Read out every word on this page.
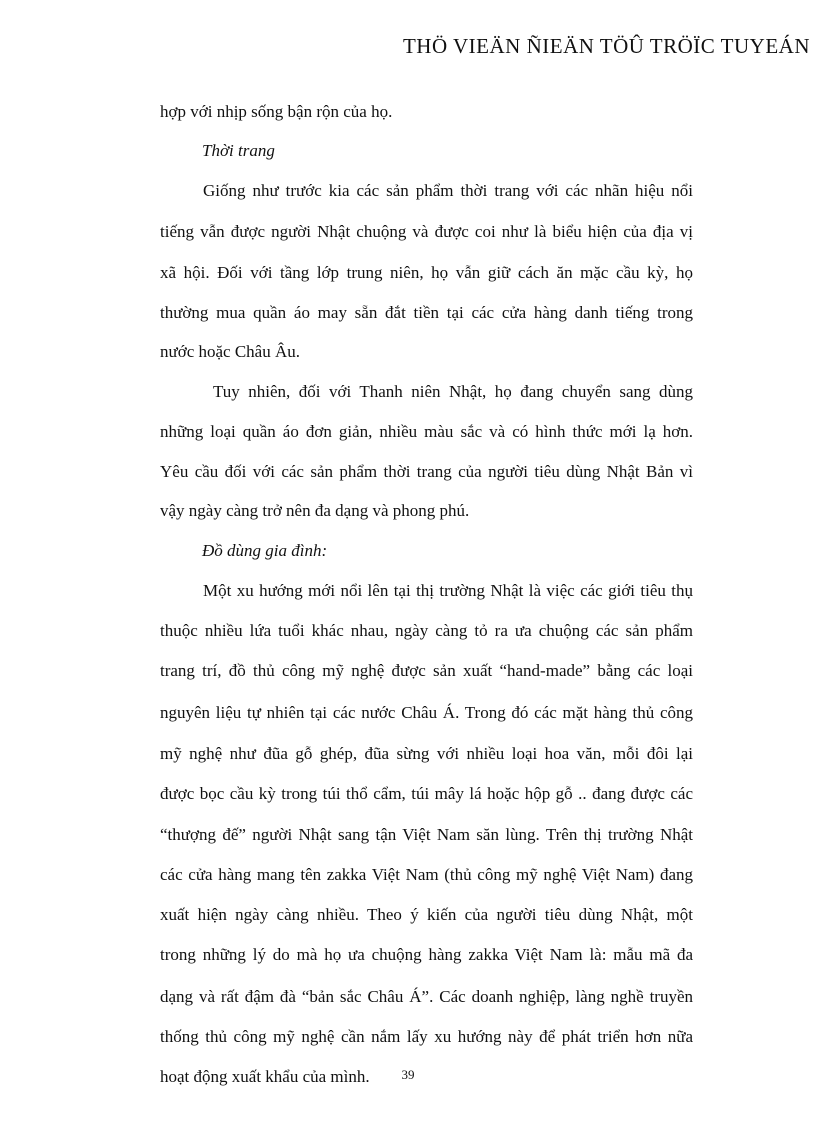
THÖ VIEÄN ÑIEÄN TÖÛ TRÖÏC TUYEÁN
hợp với nhịp sống bận rộn của họ.
Thời trang
Giống như trước kia các sản phẩm thời trang với các nhãn hiệu nổi
tiếng vẫn được người Nhật chuộng và được coi như là biểu hiện của địa vị
xã hội. Đối với tầng lớp trung niên, họ vẫn giữ cách ăn mặc cầu kỳ, họ
thường mua quần áo may sẵn đắt tiền tại các cửa hàng danh tiếng trong
nước hoặc Châu Âu.
Tuy nhiên, đối với Thanh niên Nhật, họ đang chuyển sang dùng
những loại quần áo đơn giản, nhiều màu sắc và có hình thức mới lạ hơn.
Yêu cầu đối với các sản phẩm thời trang của người tiêu dùng Nhật Bản vì
vậy ngày càng trở nên đa dạng và phong phú.
Đồ dùng gia đình:
Một xu hướng mới nổi lên tại thị trường Nhật là việc các giới tiêu thụ
thuộc nhiều lứa tuổi khác nhau, ngày càng tỏ ra ưa chuộng các sản phẩm
trang trí, đồ thủ công mỹ nghệ được sản xuất “hand-made” bằng các loại
nguyên liệu tự nhiên tại các nước Châu Á. Trong đó các mặt hàng thủ công
mỹ nghệ như đũa gỗ ghép, đũa sừng với nhiều loại hoa văn, mỗi đôi lại
được bọc cầu kỳ trong túi thổ cẩm, túi mây lá hoặc hộp gỗ .. đang được các
“thượng đế” người Nhật sang tận Việt Nam săn lùng. Trên thị trường Nhật
các cửa hàng mang tên zakka Việt Nam (thủ công mỹ nghệ Việt Nam) đang
xuất hiện ngày càng nhiều. Theo ý kiến của người tiêu dùng Nhật, một
trong những lý do mà họ ưa chuộng hàng zakka Việt Nam là: mẫu mã đa
dạng và rất đậm đà “bản sắc Châu Á”. Các doanh nghiệp, làng nghề truyền
thống thủ công mỹ nghệ cần nắm lấy xu hướng này để phát triển hơn nữa
hoạt động xuất khẩu của mình.	39
